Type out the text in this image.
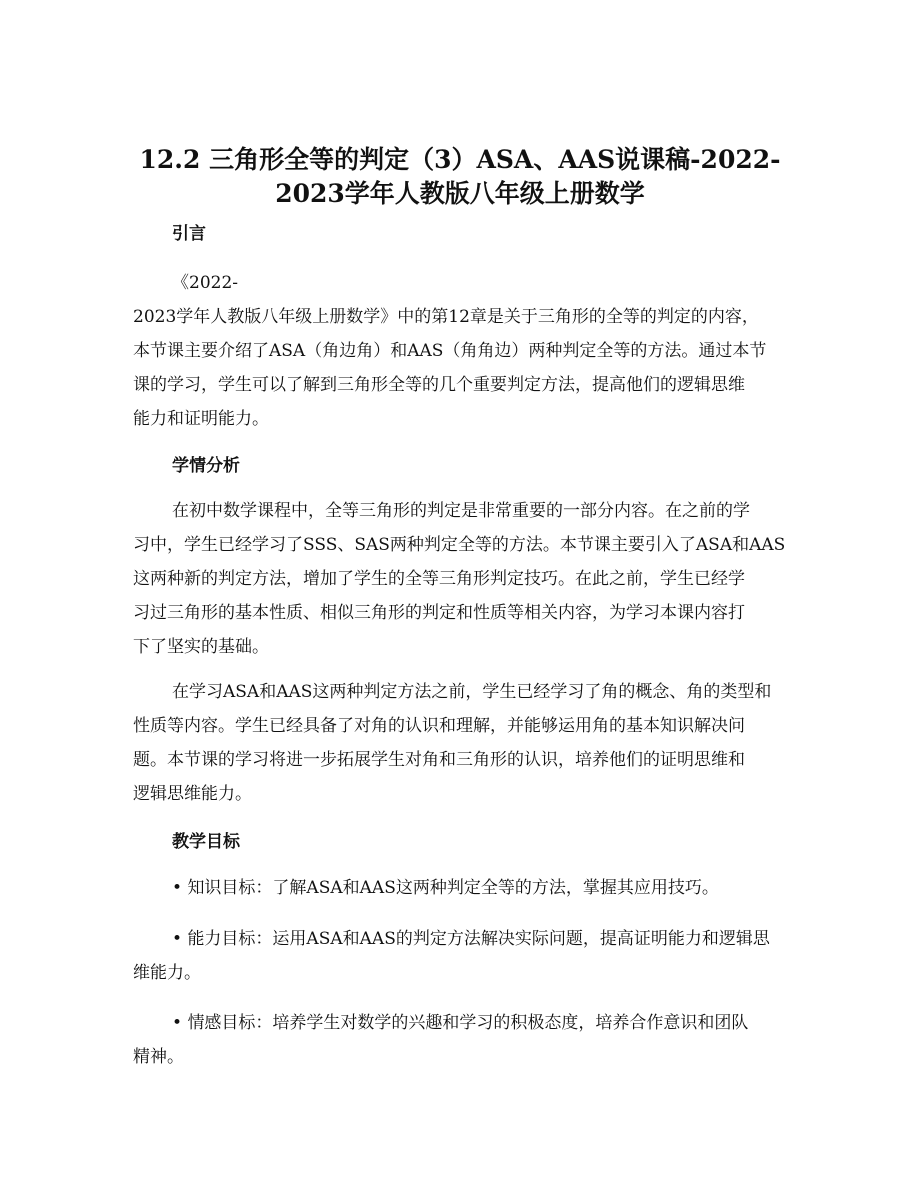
12.2 三角形全等的判定（3）ASA、AAS说课稿-2022-
2023学年人教版八年级上册数学
引言
《2022-
2023学年人教版八年级上册数学》中的第12章是关于三角形的全等的判定的内容，
本节课主要介绍了ASA（角边角）和AAS（角角边）两种判定全等的方法。通过本节
课的学习，学生可以了解到三角形全等的几个重要判定方法，提高他们的逻辑思维
能力和证明能力。
学情分析
在初中数学课程中，全等三角形的判定是非常重要的一部分内容。在之前的学
习中，学生已经学习了SSS、SAS两种判定全等的方法。本节课主要引入了ASA和AAS
这两种新的判定方法，增加了学生的全等三角形判定技巧。在此之前，学生已经学
习过三角形的基本性质、相似三角形的判定和性质等相关内容，为学习本课内容打
下了坚实的基础。
在学习ASA和AAS这两种判定方法之前，学生已经学习了角的概念、角的类型和
性质等内容。学生已经具备了对角的认识和理解，并能够运用角的基本知识解决问
题。本节课的学习将进一步拓展学生对角和三角形的认识，培养他们的证明思维和
逻辑思维能力。
教学目标
• 知识目标：了解ASA和AAS这两种判定全等的方法，掌握其应用技巧。
• 能力目标：运用ASA和AAS的判定方法解决实际问题，提高证明能力和逻辑思
维能力。
• 情感目标：培养学生对数学的兴趣和学习的积极态度，培养合作意识和团队
精神。
